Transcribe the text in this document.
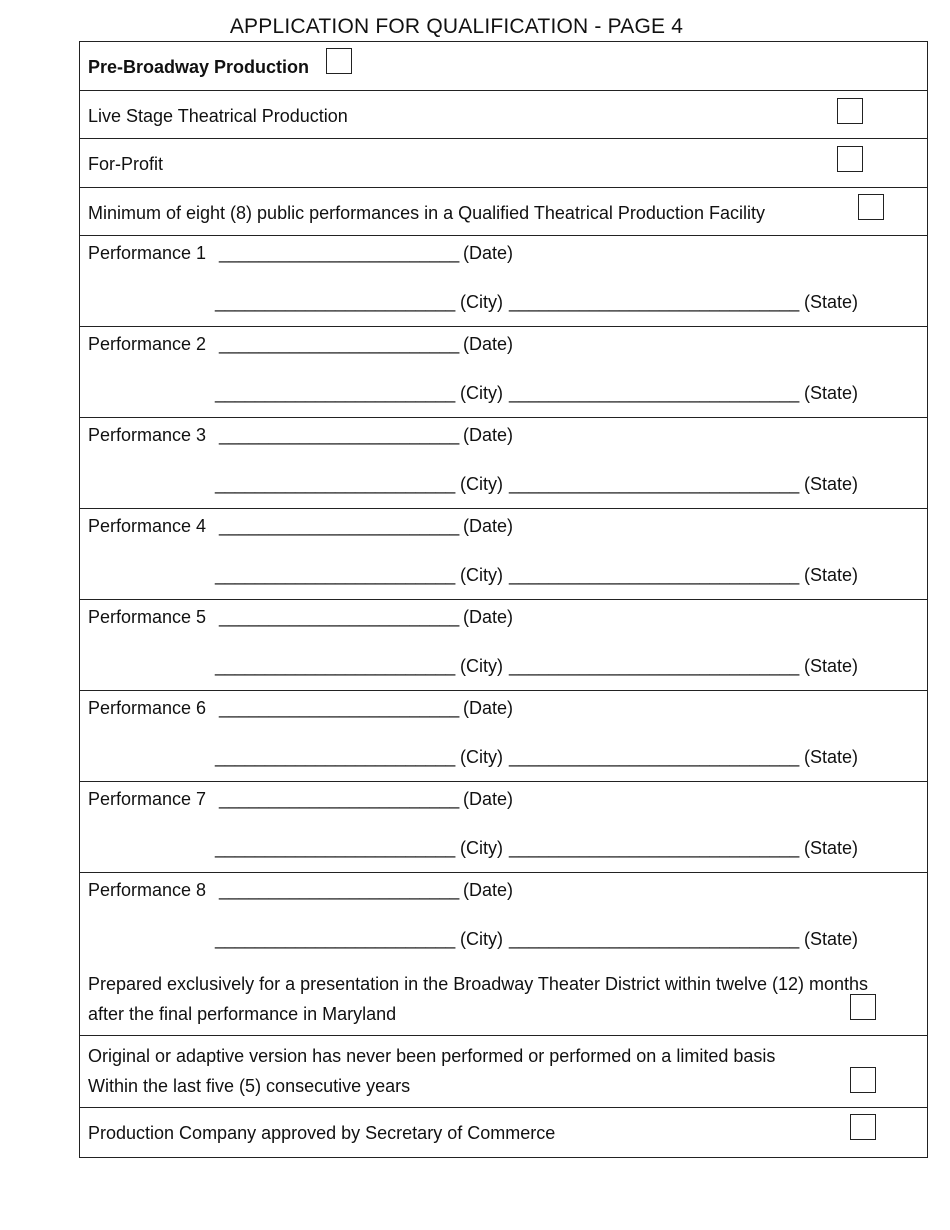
APPLICATION FOR QUALIFICATION - PAGE 4
Pre-Broadway Production
Live Stage Theatrical Production
For-Profit
Minimum of eight (8) public performances in a Qualified Theatrical Production Facility
Performance 1 ________________________ (Date)
________________________ (City) _____________________________ (State)
Performance 2 ________________________ (Date)
________________________ (City) _____________________________ (State)
Performance 3 ________________________ (Date)
________________________ (City) _____________________________ (State)
Performance 4 ________________________ (Date)
________________________ (City) _____________________________ (State)
Performance 5 ________________________ (Date)
________________________ (City) _____________________________ (State)
Performance 6 ________________________ (Date)
________________________ (City) _____________________________ (State)
Performance 7 ________________________ (Date)
________________________ (City) _____________________________ (State)
Performance 8 ________________________ (Date)
________________________ (City) _____________________________ (State)
Prepared exclusively for a presentation in the Broadway Theater District within twelve (12) months
after the final performance in Maryland
Original or adaptive version has never been performed or performed on a limited basis
Within the last five (5) consecutive years
Production Company approved by Secretary of Commerce
